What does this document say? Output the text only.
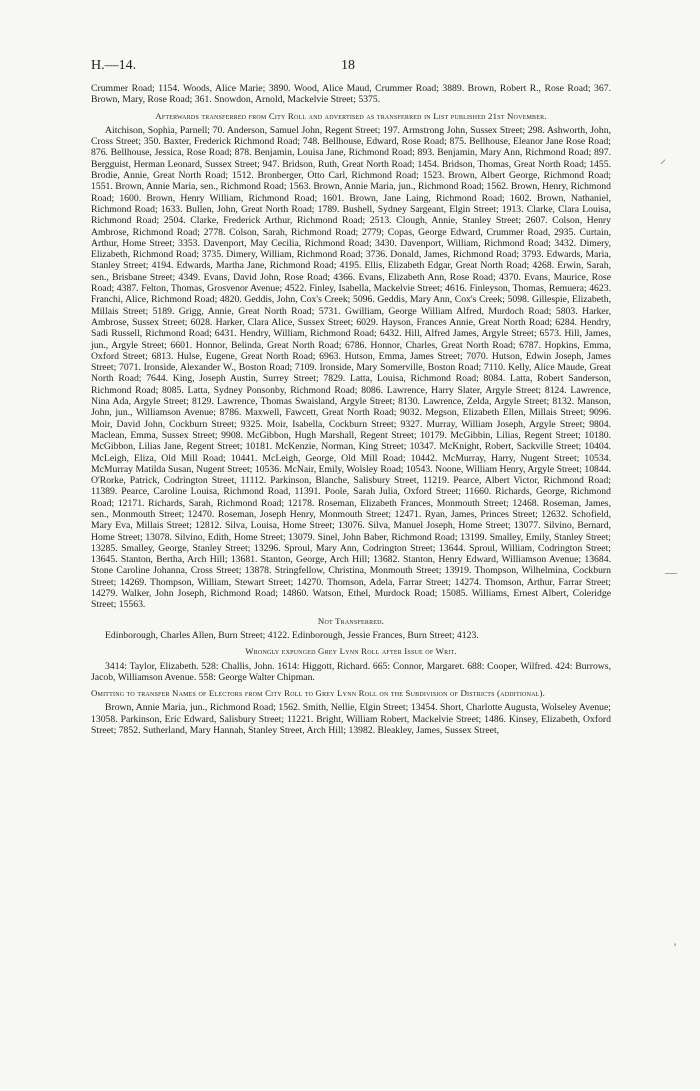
H.—14.	18

Crummer Road; 1154. Woods, Alice Marie; 3890. Wood, Alice Maud, Crummer Road; 3889. Brown, Robert R., Rose Road; 367. Brown, Mary, Rose Road; 361. Snowdon, Arnold, Mackelvie Street; 5375.

Afterwards transferred from City Roll and advertised as transferred in List published 21st November.

Aitchison, Sophia, Parnell; 70. Anderson, Samuel John, Regent Street; 197. Armstrong John, Sussex Street; 298. Ashworth, John, Cross Street; 350. Baxter, Frederick Richmond Road; 748. Bellhouse, Edward, Rose Road; 875. Bellhouse, Eleanor Jane Rose Road; 876. Bellhouse, Jessica, Rose Road; 878. Benjamin, Louisa Jane, Richmond Road; 893. Benjamin, Mary Ann, Richmond Road; 897. Bergguist, Herman Leonard, Sussex Street; 947. Bridson, Ruth, Great North Road; 1454. Bridson, Thomas, Great North Road; 1455. Brodie, Annie, Great North Road; 1512. Bronberger, Otto Carl, Richmond Road; 1523. Brown, Albert George, Richmond Road; 1551. Brown, Annie Maria, sen., Richmond Road; 1563. Brown, Annie Maria, jun., Richmond Road; 1562. Brown, Henry, Richmond Road; 1600. Brown, Henry William, Richmond Road; 1601. Brown, Jane Laing, Richmond Road; 1602. Brown, Nathaniel, Richmond Road; 1633. Bullen, John, Great North Road; 1789. Bushell, Sydney Sargeant, Elgin Street; 1913. Clarke, Clara Louisa, Richmond Road; 2504. Clarke, Frederick Arthur, Richmond Road; 2513. Clough, Annie, Stanley Street; 2607. Colson, Henry Ambrose, Richmond Road; 2778. Colson, Sarah, Richmond Road; 2779; Copas, George Edward, Crummer Road, 2935. Curtain, Arthur, Home Street; 3353. Davenport, May Cecilia, Richmond Road; 3430. Davenport, William, Richmond Road; 3432. Dimery, Elizabeth, Richmond Road; 3735. Dimery, William, Richmond Road; 3736. Donald, James, Richmond Road; 3793. Edwards, Maria, Stanley Street; 4194. Edwards, Martha Jane, Richmond Road; 4195. Ellis, Elizabeth Edgar, Great North Road; 4268. Erwin, Sarah, sen., Brisbane Street; 4349. Evans, David John, Rose Road; 4366. Evans, Elizabeth Ann, Rose Road; 4370. Evans, Maurice, Rose Road; 4387. Felton, Thomas, Grosvenor Avenue; 4522. Finley, Isabella, Mackelvie Street; 4616. Finleyson, Thomas, Remuera; 4623. Franchi, Alice, Richmond Road; 4820. Geddis, John, Cox's Creek; 5096. Geddis, Mary Ann, Cox's Creek; 5098. Gillespie, Elizabeth, Millais Street; 5189. Grigg, Annie, Great North Road; 5731. Gwilliam, George William Alfred, Murdoch Road; 5803. Harker, Ambrose, Sussex Street; 6028. Harker, Clara Alice, Sussex Street; 6029. Hayson, Frances Annie, Great North Road; 6284. Hendry, Sadi Russell, Richmond Road; 6431. Hendry, William, Richmond Road; 6432. Hill, Alfred James, Argyle Street; 6573. Hill, James, jun., Argyle Street; 6601. Honnor, Belinda, Great North Road; 6786. Honnor, Charles, Great North Road; 6787. Hopkins, Emma, Oxford Street; 6813. Hulse, Eugene, Great North Road; 6963. Hutson, Emma, James Street; 7070. Hutson, Edwin Joseph, James Street; 7071. Ironside, Alexander W., Boston Road; 7109. Ironside, Mary Somerville, Boston Road; 7110. Kelly, Alice Maude, Great North Road; 7644. King, Joseph Austin, Surrey Street; 7829. Latta, Louisa, Richmond Road; 8084. Latta, Robert Sanderson, Richmond Road; 8085. Latta, Sydney Ponsonby, Richmond Road; 8086. Lawrence, Harry Slater, Argyle Street; 8124. Lawrence, Nina Ada, Argyle Street; 8129. Lawrence, Thomas Swaisland, Argyle Street; 8130. Lawrence, Zelda, Argyle Street; 8132. Manson, John, jun., Williamson Avenue; 8786. Maxwell, Fawcett, Great North Road; 9032. Megson, Elizabeth Ellen, Millais Street; 9096. Moir, David John, Cockburn Street; 9325. Moir, Isabella, Cockburn Street; 9327. Murray, William Joseph, Argyle Street; 9804. Maclean, Emma, Sussex Street; 9908. McGibbon, Hugh Marshall, Regent Street; 10179. McGibbin, Lilias, Regent Street; 10180. McGibbon, Lilias Jane, Regent Street; 10181. McKenzie, Norman, King Street; 10347. McKnight, Robert, Sackville Street; 10404. McLeigh, Eliza, Old Mill Road; 10441. McLeigh, George, Old Mill Road; 10442. McMurray, Harry, Nugent Street; 10534. McMurray Matilda Susan, Nugent Street; 10536. McNair, Emily, Wolsley Road; 10543. Noone, William Henry, Argyle Street; 10844. O'Rorke, Patrick, Codrington Street, 11112. Parkinson, Blanche, Salisbury Street, 11219. Pearce, Albert Victor, Richmond Road; 11389. Pearce, Caroline Louisa, Richmond Road, 11391. Poole, Sarah Julia, Oxford Street; 11660. Richards, George, Richmond Road; 12171. Richards, Sarah, Richmond Road; 12178. Roseman, Elizabeth Frances, Monmouth Street; 12468. Roseman, James, sen., Monmouth Street; 12470. Roseman, Joseph Henry, Monmouth Street; 12471. Ryan, James, Princes Street; 12632. Schofield, Mary Eva, Millais Street; 12812. Silva, Louisa, Home Street; 13076. Silva, Manuel Joseph, Home Street; 13077. Silvino, Bernard, Home Street; 13078. Silvino, Edith, Home Street; 13079. Sinel, John Baber, Richmond Road; 13199. Smalley, Emily, Stanley Street; 13285. Smalley, George, Stanley Street; 13296. Sproul, Mary Ann, Codrington Street; 13644. Sproul, William, Codrington Street; 13645. Stanton, Bertha, Arch Hill; 13681. Stanton, George, Arch Hill; 13682. Stanton, Henry Edward, Williamson Avenue; 13684. Stone Caroline Johanna, Cross Street; 13878. Stringfellow, Christina, Monmouth Street; 13919. Thompson, Wilhelmina, Cockburn Street; 14269. Thompson, William, Stewart Street; 14270. Thomson, Adela, Farrar Street; 14274. Thomson, Arthur, Farrar Street; 14279. Walker, John Joseph, Richmond Road; 14860. Watson, Ethel, Murdock Road; 15085. Williams, Ernest Albert, Coleridge Street; 15563.

Not Transferred.

Edinborough, Charles Allen, Burn Street; 4122. Edinborough, Jessie Frances, Burn Street; 4123.

Wrongly expunged Grey Lynn Roll after Issue of Writ.

3414: Taylor, Elizabeth. 528: Challis, John. 1614: Higgott, Richard. 665: Connor, Margaret. 688: Cooper, Wilfred. 424: Burrows, Jacob, Williamson Avenue. 558: George Walter Chipman.

Omitting to transfer Names of Electors from City Roll to Grey Lynn Roll on the Subdivision of Districts (additional).

Brown, Annie Maria, jun., Richmond Road; 1562. Smith, Nellie, Elgin Street; 13454. Short, Charlotte Augusta, Wolseley Avenue; 13058. Parkinson, Eric Edward, Salisbury Street; 11221. Bright, William Robert, Mackelvie Street; 1486. Kinsey, Elizabeth, Oxford Street; 7852. Sutherland, Mary Hannah, Stanley Street, Arch Hill; 13982. Bleakley, James, Sussex Street,

⸝
—
'
